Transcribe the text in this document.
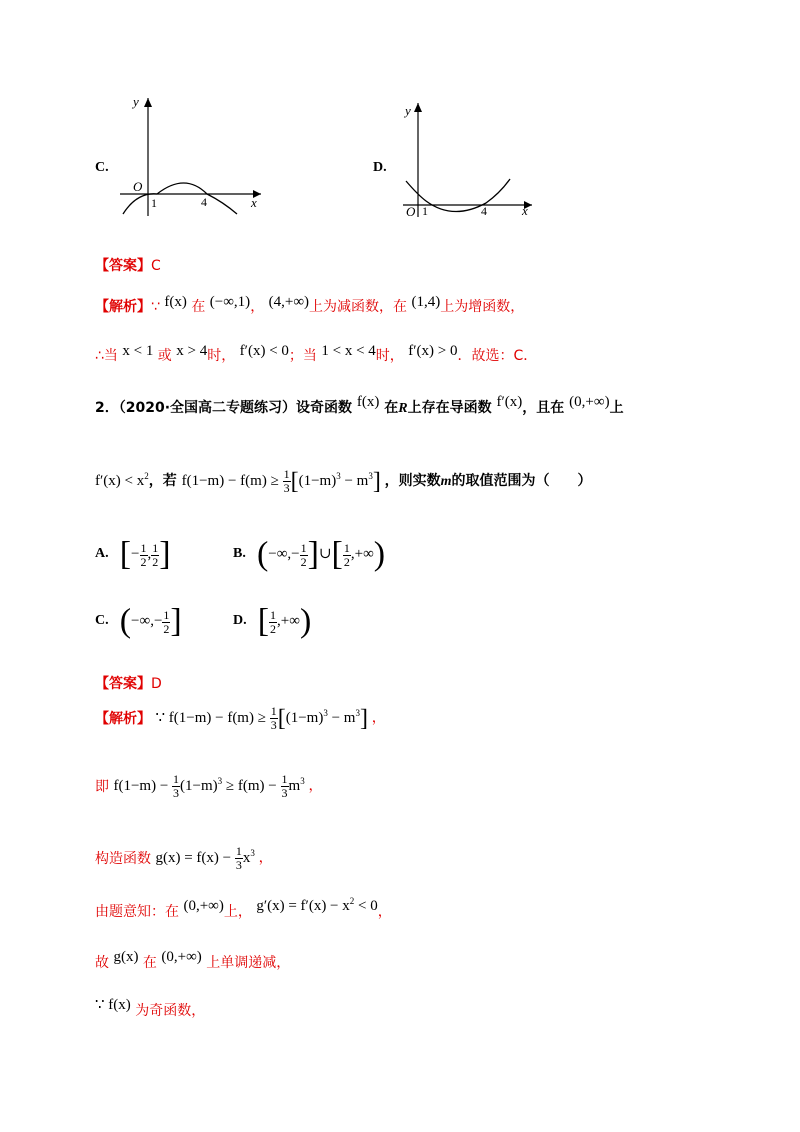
C.
y
O
1	4	x
D.
y
O 1	4	x
【答案】C
【解析】∵ f(x) 在 (−∞,1)， (4,+∞)上为减函数，在 (1,4)上为增函数，
∴当 x < 1 或 x > 4时， f′(x) < 0；当 1 < x < 4时， f′(x) > 0．故选：C．
2．（2020·全国高二专题练习）设奇函数 f(x) 在R上存在导函数 f′(x)，且在 (0,+∞)上
$f'(x) < x^2$，若 $f(1-m) - f(m) \ge \frac{1}{3} [(1-m)^3 - m^3]$ ，则实数m的取值范围为（　　）
A. [− $\frac{1}{2}$ , $\frac{1}{2}$ ]	B. (−∞,− $\frac{1}{2}$ ]∪[ $\frac{1}{2}$ ,+∞)
C. (−∞,− $\frac{1}{2}$ ]	D. [ $\frac{1}{2}$ ,+∞)
【答案】D
【解析】 ∵ $f(1-m) - f(m) \ge \frac{1}{3} [(1-m)^3 - m^3]$ ，
即 $f(1-m) - \frac{1}{3} (1-m)^3 \ge f(m) - \frac{1}{3} m^3$ ，
构造函数 $g(x) = f(x) - \frac{1}{3} x^3$ ，
由题意知：在 (0,+∞)上， $g'(x) = f'(x) - x^2 < 0$，
故 g(x) 在 (0,+∞) 上单调递减，
∵ f(x) 为奇函数，
